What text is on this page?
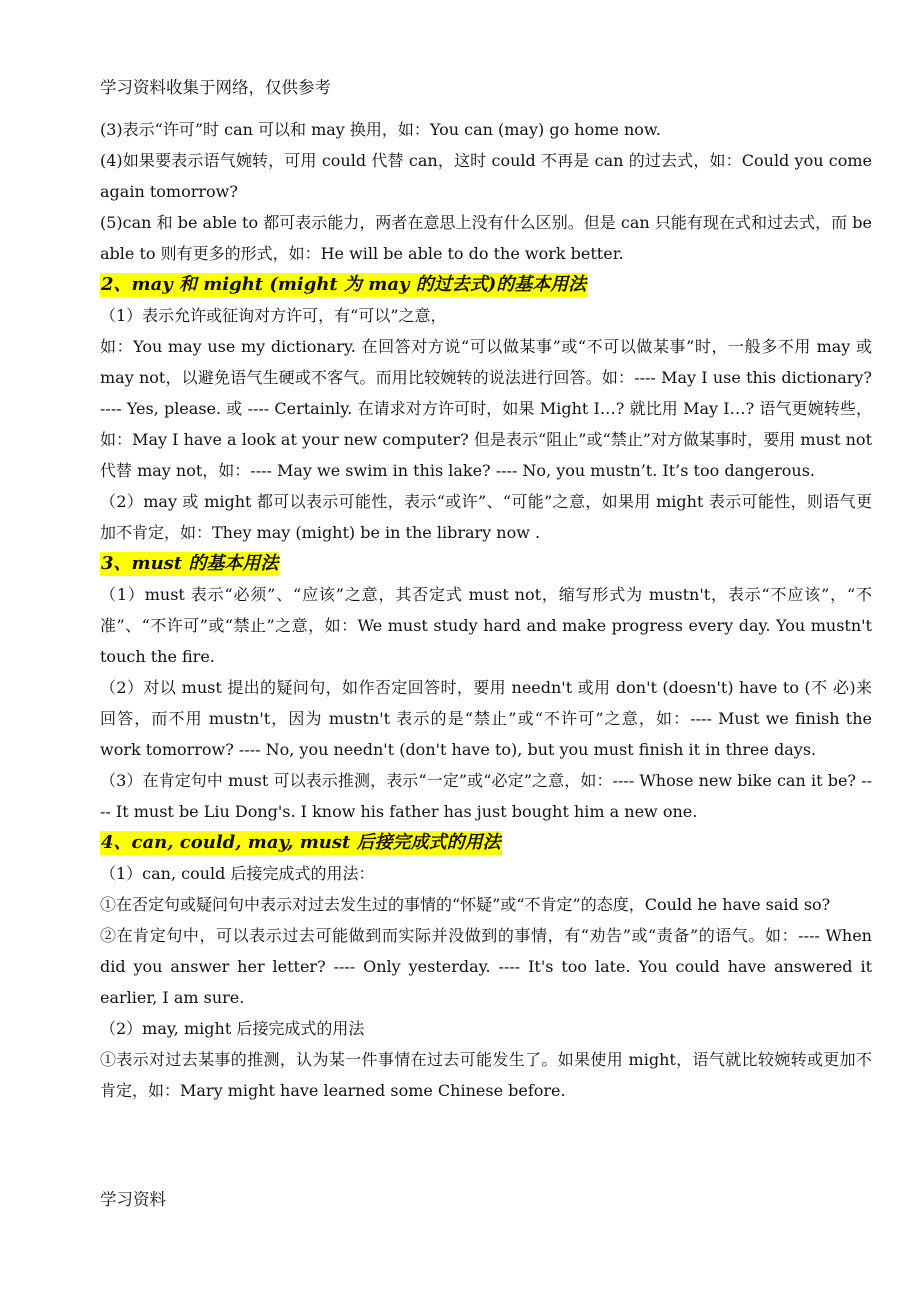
学习资料收集于网络，仅供参考

(3)表示“许可”时 can 可以和 may 换用，如：You can (may) go home now.

(4)如果要表示语气婉转，可用 could 代替 can，这时 could 不再是 can 的过去式，如：Could you come again tomorrow?

(5)can 和 be able to 都可表示能力，两者在意思上没有什么区别。但是 can 只能有现在式和过去式，而 be able to 则有更多的形式，如：He will be able to do the work better.

2、may 和 might (might 为 may 的过去式)的基本用法

（1）表示允许或征询对方许可，有“可以”之意，

如：You may use my dictionary. 在回答对方说“可以做某事”或“不可以做某事”时，一般多不用 may 或 may not，以避免语气生硬或不客气。而用比较婉转的说法进行回答。如：---- May I use this dictionary? ---- Yes, please. 或 ---- Certainly. 在请求对方许可时，如果 Might I…? 就比用 May I…? 语气更婉转些，如：May I have a look at your new computer? 但是表示“阻止”或“禁止”对方做某事时，要用 must not 代替 may not，如：---- May we swim in this lake? ---- No, you mustn’t. It’s too dangerous.

（2）may 或 might 都可以表示可能性，表示“或许”、“可能”之意，如果用 might 表示可能性，则语气更加不肯定，如：They may (might) be in the library now .

3、must 的基本用法

（1）must 表示“必须”、“应该”之意，其否定式 must not，缩写形式为 mustn't，表示“不应该”，“不准”、“不许可”或“禁止”之意，如：We must study hard and make progress every day. You mustn't touch the fire.

（2）对以 must 提出的疑问句，如作否定回答时，要用 needn't 或用 don't (doesn't) have to (不 必)来回答，而不用 mustn't，因为 mustn't 表示的是“禁止”或“不许可”之意，如：---- Must we finish the work tomorrow? ---- No, you needn't (don't have to), but you must finish it in three days.

（3）在肯定句中 must 可以表示推测，表示“一定”或“必定”之意，如：---- Whose new bike can it be? ---- It must be Liu Dong's. I know his father has just bought him a new one.

4、can, could, may, must 后接完成式的用法

（1）can, could 后接完成式的用法：

①在否定句或疑问句中表示对过去发生过的事情的“怀疑”或“不肯定”的态度，Could he have said so?

②在肯定句中，可以表示过去可能做到而实际并没做到的事情，有“劝告”或“责备”的语气。如：---- When did you answer her letter? ---- Only yesterday. ---- It's too late. You could have answered it earlier, I am sure.

（2）may, might 后接完成式的用法

①表示对过去某事的推测，认为某一件事情在过去可能发生了。如果使用 might，语气就比较婉转或更加不肯定，如：Mary might have learned some Chinese before.

学习资料
